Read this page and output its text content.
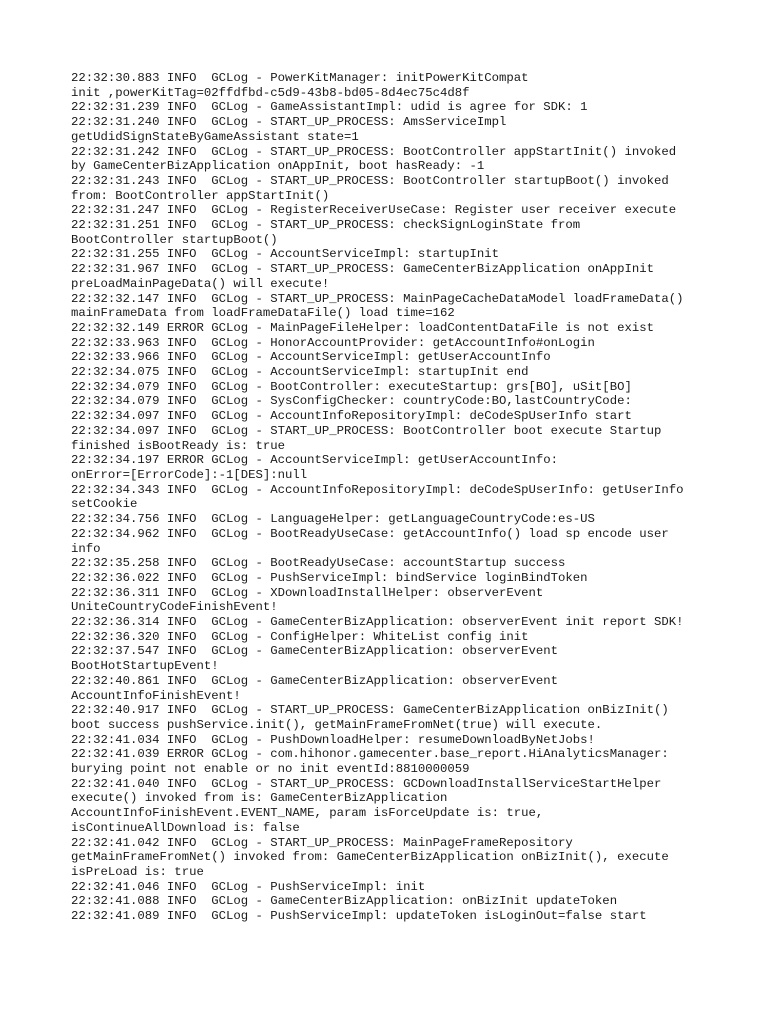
22:32:30.883 INFO  GCLog - PowerKitManager: initPowerKitCompat
init ,powerKitTag=02ffdfbd-c5d9-43b8-bd05-8d4ec75c4d8f
22:32:31.239 INFO  GCLog - GameAssistantImpl: udid is agree for SDK: 1
22:32:31.240 INFO  GCLog - START_UP_PROCESS: AmsServiceImpl
getUdidSignStateByGameAssistant state=1
22:32:31.242 INFO  GCLog - START_UP_PROCESS: BootController appStartInit() invoked
by GameCenterBizApplication onAppInit, boot hasReady: -1
22:32:31.243 INFO  GCLog - START_UP_PROCESS: BootController startupBoot() invoked
from: BootController appStartInit()
22:32:31.247 INFO  GCLog - RegisterReceiverUseCase: Register user receiver execute
22:32:31.251 INFO  GCLog - START_UP_PROCESS: checkSignLoginState from
BootController startupBoot()
22:32:31.255 INFO  GCLog - AccountServiceImpl: startupInit
22:32:31.967 INFO  GCLog - START_UP_PROCESS: GameCenterBizApplication onAppInit
preLoadMainPageData() will execute!
22:32:32.147 INFO  GCLog - START_UP_PROCESS: MainPageCacheDataModel loadFrameData()
mainFrameData from loadFrameDataFile() load time=162
22:32:32.149 ERROR GCLog - MainPageFileHelper: loadContentDataFile is not exist
22:32:33.963 INFO  GCLog - HonorAccountProvider: getAccountInfo#onLogin
22:32:33.966 INFO  GCLog - AccountServiceImpl: getUserAccountInfo
22:32:34.075 INFO  GCLog - AccountServiceImpl: startupInit end
22:32:34.079 INFO  GCLog - BootController: executeStartup: grs[BO], uSit[BO]
22:32:34.079 INFO  GCLog - SysConfigChecker: countryCode:BO,lastCountryCode:
22:32:34.097 INFO  GCLog - AccountInfoRepositoryImpl: deCodeSpUserInfo start
22:32:34.097 INFO  GCLog - START_UP_PROCESS: BootController boot execute Startup
finished isBootReady is: true
22:32:34.197 ERROR GCLog - AccountServiceImpl: getUserAccountInfo:
onError=[ErrorCode]:-1[DES]:null
22:32:34.343 INFO  GCLog - AccountInfoRepositoryImpl: deCodeSpUserInfo: getUserInfo
setCookie
22:32:34.756 INFO  GCLog - LanguageHelper: getLanguageCountryCode:es-US
22:32:34.962 INFO  GCLog - BootReadyUseCase: getAccountInfo() load sp encode user
info
22:32:35.258 INFO  GCLog - BootReadyUseCase: accountStartup success
22:32:36.022 INFO  GCLog - PushServiceImpl: bindService loginBindToken
22:32:36.311 INFO  GCLog - XDownloadInstallHelper: observerEvent
UniteCountryCodeFinishEvent!
22:32:36.314 INFO  GCLog - GameCenterBizApplication: observerEvent init report SDK!
22:32:36.320 INFO  GCLog - ConfigHelper: WhiteList config init
22:32:37.547 INFO  GCLog - GameCenterBizApplication: observerEvent
BootHotStartupEvent!
22:32:40.861 INFO  GCLog - GameCenterBizApplication: observerEvent
AccountInfoFinishEvent!
22:32:40.917 INFO  GCLog - START_UP_PROCESS: GameCenterBizApplication onBizInit()
boot success pushService.init(), getMainFrameFromNet(true) will execute.
22:32:41.034 INFO  GCLog - PushDownloadHelper: resumeDownloadByNetJobs!
22:32:41.039 ERROR GCLog - com.hihonor.gamecenter.base_report.HiAnalyticsManager:
burying point not enable or no init eventId:8810000059
22:32:41.040 INFO  GCLog - START_UP_PROCESS: GCDownloadInstallServiceStartHelper
execute() invoked from is: GameCenterBizApplication
AccountInfoFinishEvent.EVENT_NAME, param isForceUpdate is: true,
isContinueAllDownload is: false
22:32:41.042 INFO  GCLog - START_UP_PROCESS: MainPageFrameRepository
getMainFrameFromNet() invoked from: GameCenterBizApplication onBizInit(), execute
isPreLoad is: true
22:32:41.046 INFO  GCLog - PushServiceImpl: init
22:32:41.088 INFO  GCLog - GameCenterBizApplication: onBizInit updateToken
22:32:41.089 INFO  GCLog - PushServiceImpl: updateToken isLoginOut=false start
